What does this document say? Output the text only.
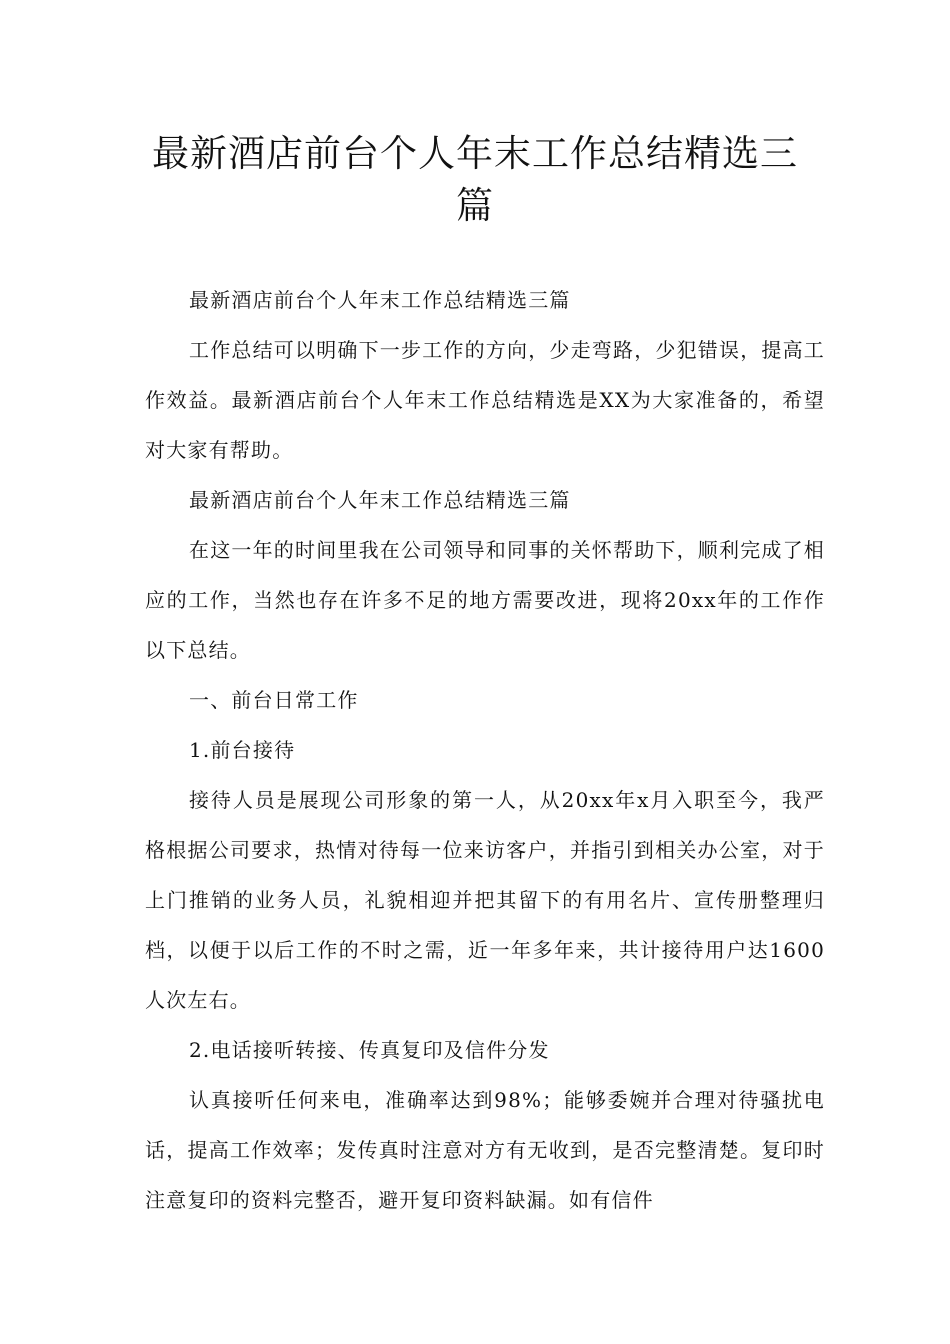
最新酒店前台个人年末工作总结精选三篇

最新酒店前台个人年末工作总结精选三篇

工作总结可以明确下一步工作的方向，少走弯路，少犯错误，提高工作效益。最新酒店前台个人年末工作总结精选是XX为大家准备的，希望对大家有帮助。

最新酒店前台个人年末工作总结精选三篇

在这一年的时间里我在公司领导和同事的关怀帮助下，顺利完成了相应的工作，当然也存在许多不足的地方需要改进，现将20xx年的工作作以下总结。

一、前台日常工作

1.前台接待

接待人员是展现公司形象的第一人，从20xx年x月入职至今，我严格根据公司要求，热情对待每一位来访客户，并指引到相关办公室，对于上门推销的业务人员，礼貌相迎并把其留下的有用名片、宣传册整理归档，以便于以后工作的不时之需，近一年多年来，共计接待用户达1600人次左右。

2.电话接听转接、传真复印及信件分发

认真接听任何来电，准确率达到98%；能够委婉并合理对待骚扰电话，提高工作效率；发传真时注意对方有无收到，是否完整清楚。复印时注意复印的资料完整否，避开复印资料缺漏。如有信件
